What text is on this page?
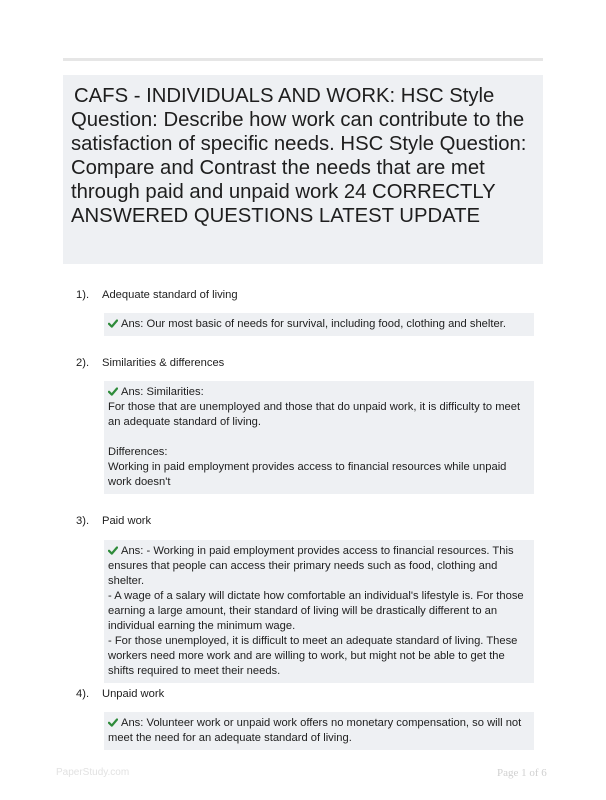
CAFS - INDIVIDUALS AND WORK: HSC Style Question: Describe how work can contribute to the satisfaction of specific needs. HSC Style Question: Compare and Contrast the needs that are met through paid and unpaid work 24 CORRECTLY ANSWERED QUESTIONS LATEST UPDATE
1). Adequate standard of living

Ans: Our most basic of needs for survival, including food, clothing and shelter.

2). Similarities & differences

Ans: Similarities:

For those that are unemployed and those that do unpaid work, it is difficulty to meet an adequate standard of living.

Differences:

Working in paid employment provides access to financial resources while unpaid work doesn't

3). Paid work

Ans: - Working in paid employment provides access to financial resources. This ensures that people can access their primary needs such as food, clothing and shelter.

- A wage of a salary will dictate how comfortable an individual's lifestyle is. For those earning a large amount, their standard of living will be drastically different to an individual earning the minimum wage.

- For those unemployed, it is difficult to meet an adequate standard of living. These workers need more work and are willing to work, but might not be able to get the shifts required to meet their needs.

4). Unpaid work

Ans: Volunteer work or unpaid work offers no monetary compensation, so will not meet the need for an adequate standard of living.

PaperStudy.com	Page 1 of 6
